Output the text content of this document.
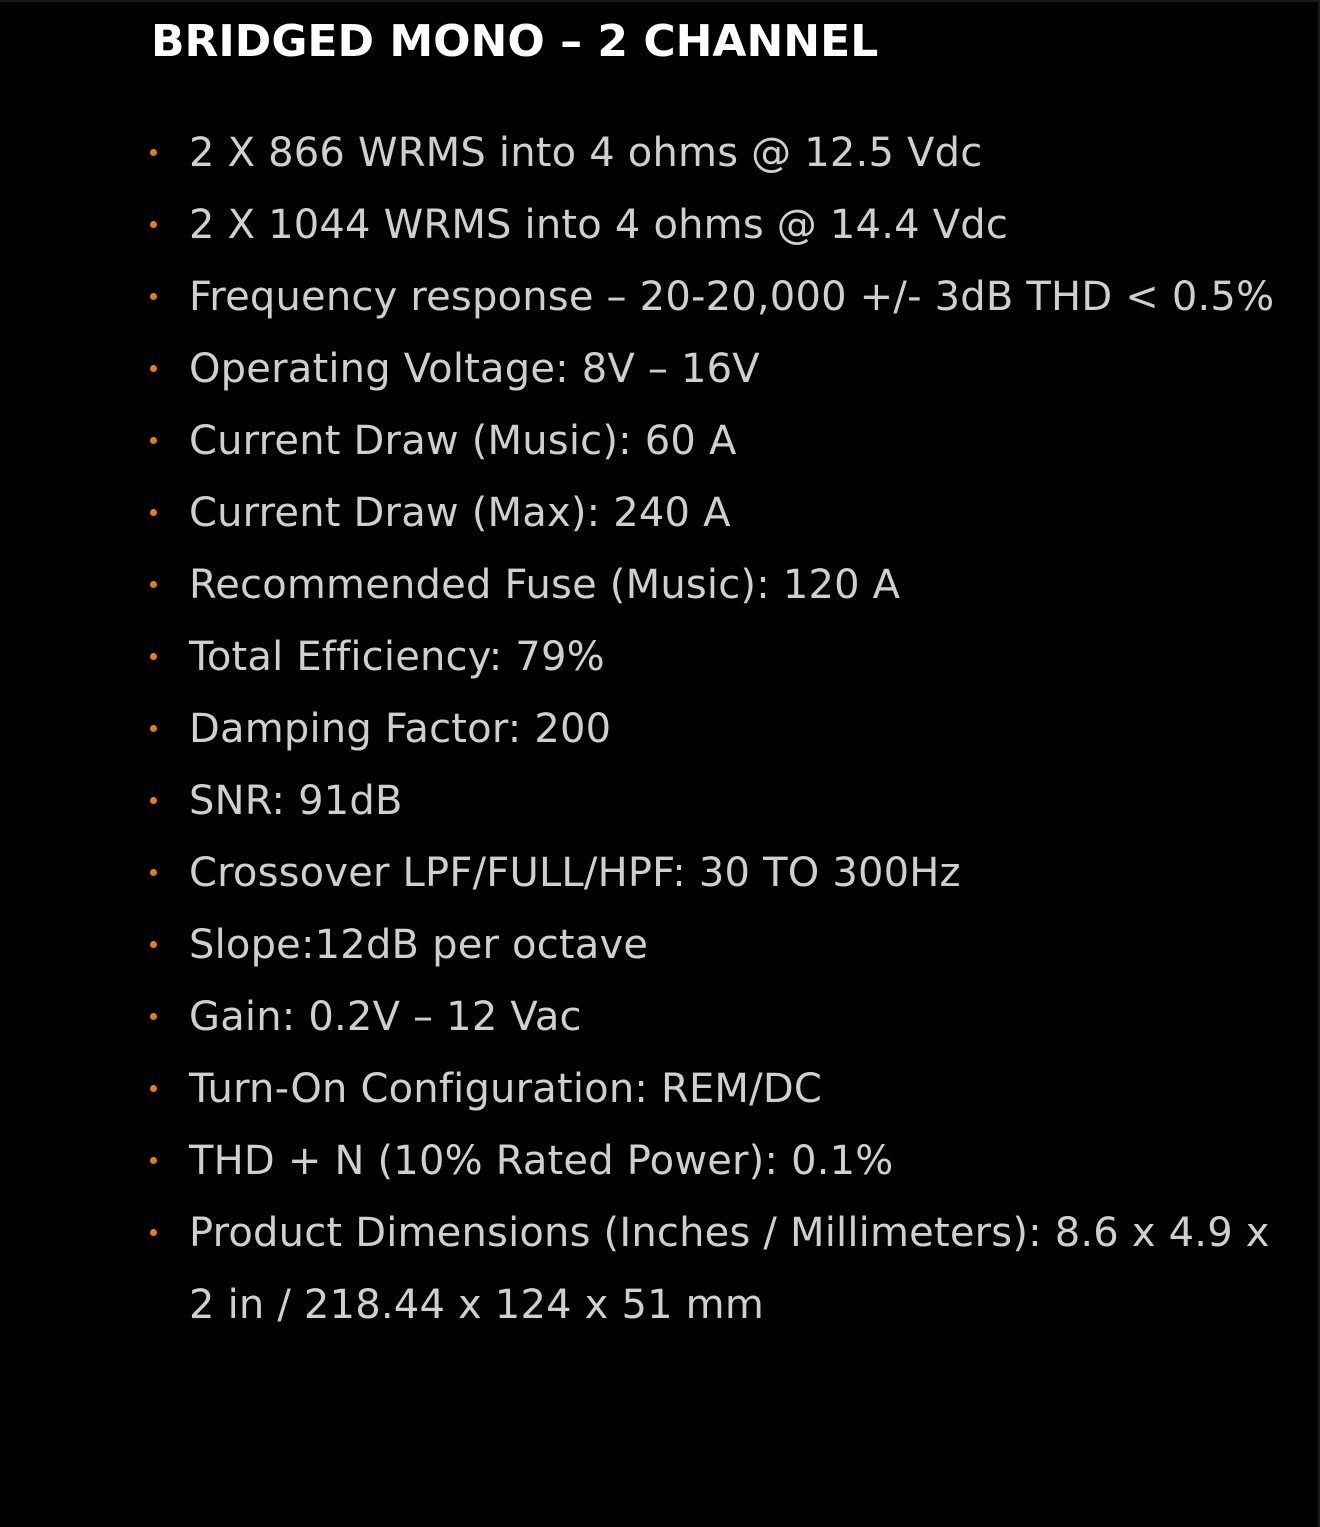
BRIDGED MONO – 2 CHANNEL
2 X 866 WRMS into 4 ohms @ 12.5 Vdc
2 X 1044 WRMS into 4 ohms @ 14.4 Vdc
Frequency response – 20-20,000 +/- 3dB THD < 0.5%
Operating Voltage: 8V – 16V
Current Draw (Music): 60 A
Current Draw (Max): 240 A
Recommended Fuse (Music): 120 A
Total Efficiency: 79%
Damping Factor: 200
SNR: 91dB
Crossover LPF/FULL/HPF: 30 TO 300Hz
Slope:12dB per octave
Gain: 0.2V – 12 Vac
Turn-On Configuration: REM/DC
THD + N (10% Rated Power): 0.1%
Product Dimensions (Inches / Millimeters): 8.6 x 4.9 x 2 in / 218.44 x 124 x 51 mm
